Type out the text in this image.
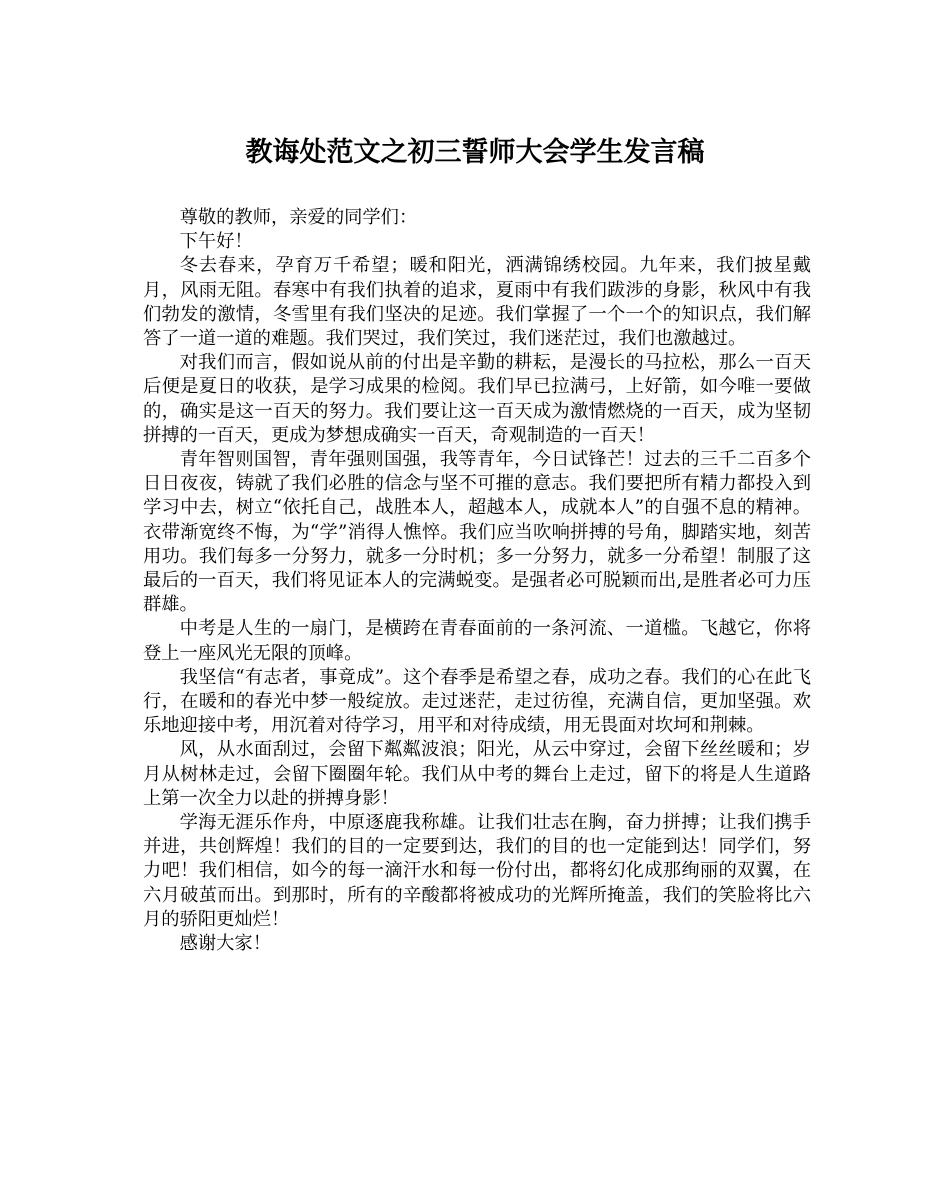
教诲处范文之初三誓师大会学生发言稿

尊敬的教师，亲爱的同学们：

下午好！

冬去春来，孕育万千希望；暖和阳光，洒满锦绣校园。九年来，我们披星戴月，风雨无阻。春寒中有我们执着的追求，夏雨中有我们跋涉的身影，秋风中有我们勃发的激情，冬雪里有我们坚决的足迹。我们掌握了一个一个的知识点，我们解答了一道一道的难题。我们哭过，我们笑过，我们迷茫过，我们也激越过。

对我们而言，假如说从前的付出是辛勤的耕耘，是漫长的马拉松，那么一百天后便是夏日的收获，是学习成果的检阅。我们早已拉满弓，上好箭，如今唯一要做的，确实是这一百天的努力。我们要让这一百天成为激情燃烧的一百天，成为坚韧拼搏的一百天，更成为梦想成确实一百天，奇观制造的一百天！

青年智则国智，青年强则国强，我等青年，今日试锋芒！过去的三千二百多个日日夜夜，铸就了我们必胜的信念与坚不可摧的意志。我们要把所有精力都投入到学习中去，树立“依托自己，战胜本人，超越本人，成就本人”的自强不息的精神。衣带渐宽终不悔，为“学”消得人憔悴。我们应当吹响拼搏的号角，脚踏实地，刻苦用功。我们每多一分努力，就多一分时机；多一分努力，就多一分希望！制服了这最后的一百天，我们将见证本人的完满蜕变。是强者必可脱颖而出,是胜者必可力压群雄。

中考是人生的一扇门，是横跨在青春面前的一条河流、一道槛。飞越它，你将登上一座风光无限的顶峰。

我坚信“有志者，事竟成”。这个春季是希望之春，成功之春。我们的心在此飞行，在暖和的春光中梦一般绽放。走过迷茫，走过彷徨，充满自信，更加坚强。欢乐地迎接中考，用沉着对待学习，用平和对待成绩，用无畏面对坎坷和荆棘。

风，从水面刮过，会留下粼粼波浪；阳光，从云中穿过，会留下丝丝暖和；岁月从树林走过，会留下圈圈年轮。我们从中考的舞台上走过，留下的将是人生道路上第一次全力以赴的拼搏身影！

学海无涯乐作舟，中原逐鹿我称雄。让我们壮志在胸，奋力拼搏；让我们携手并进，共创辉煌！我们的目的一定要到达，我们的目的也一定能到达！同学们，努力吧！我们相信，如今的每一滴汗水和每一份付出，都将幻化成那绚丽的双翼，在六月破茧而出。到那时，所有的辛酸都将被成功的光辉所掩盖，我们的笑脸将比六月的骄阳更灿烂！

感谢大家！
